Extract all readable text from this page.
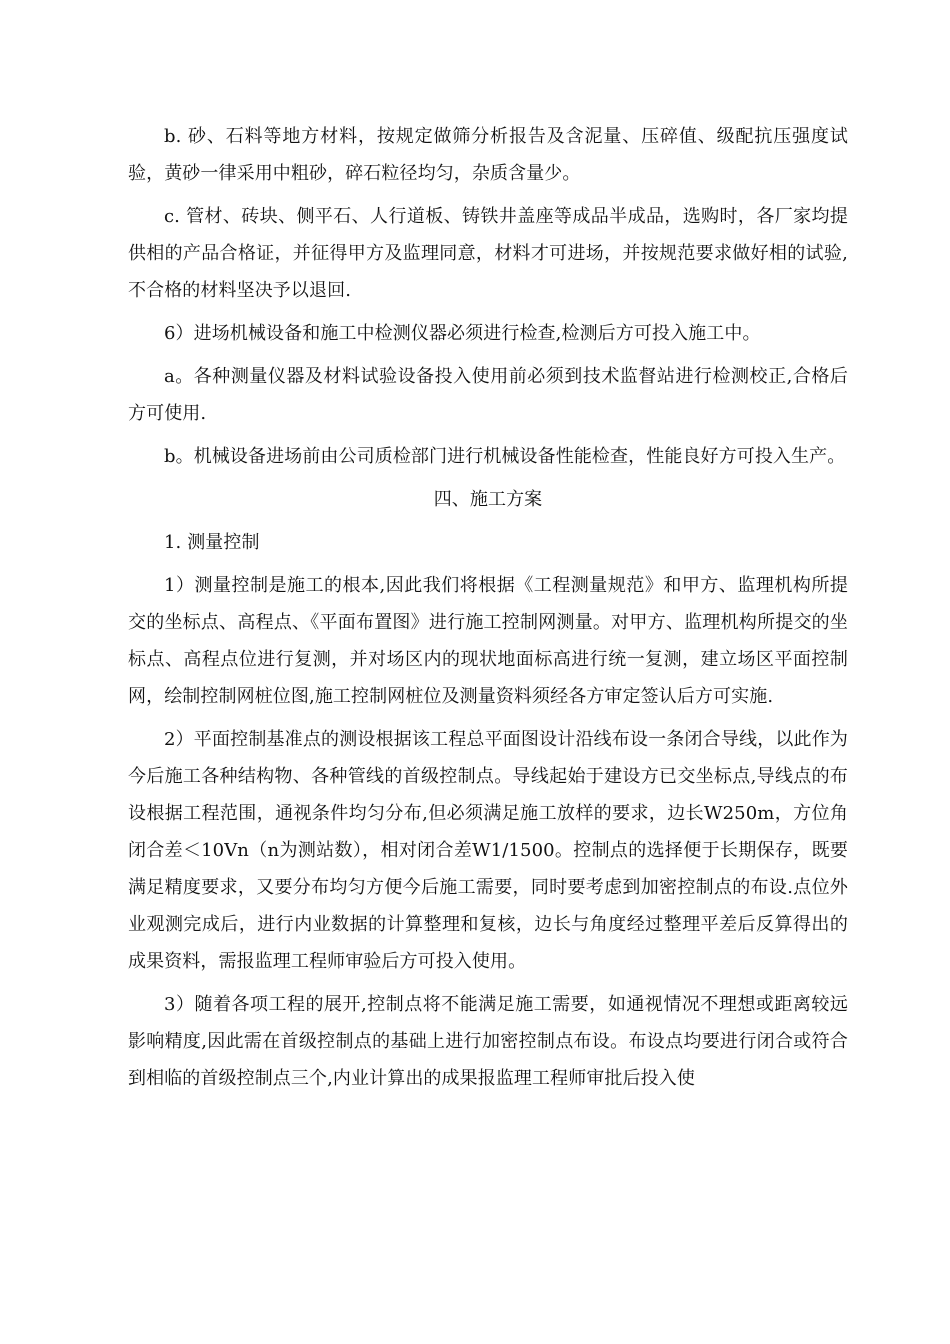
b. 砂、石料等地方材料，按规定做筛分析报告及含泥量、压碎值、级配抗压强度试验，黄砂一律采用中粗砂，碎石粒径均匀，杂质含量少。

c. 管材、砖块、侧平石、人行道板、铸铁井盖座等成品半成品，选购时，各厂家均提供相的产品合格证，并征得甲方及监理同意，材料才可进场，并按规范要求做好相的试验,不合格的材料坚决予以退回.

6）进场机械设备和施工中检测仪器必须进行检查,检测后方可投入施工中。

a。各种测量仪器及材料试验设备投入使用前必须到技术监督站进行检测校正,合格后方可使用.

b。机械设备进场前由公司质检部门进行机械设备性能检查，性能良好方可投入生产。

四、施工方案

1. 测量控制

1）测量控制是施工的根本,因此我们将根据《工程测量规范》和甲方、监理机构所提交的坐标点、高程点、《平面布置图》进行施工控制网测量。对甲方、监理机构所提交的坐标点、高程点位进行复测，并对场区内的现状地面标高进行统一复测，建立场区平面控制网，绘制控制网桩位图,施工控制网桩位及测量资料须经各方审定签认后方可实施.

2）平面控制基准点的测设根据该工程总平面图设计沿线布设一条闭合导线，以此作为今后施工各种结构物、各种管线的首级控制点。导线起始于建设方已交坐标点,导线点的布设根据工程范围，通视条件均匀分布,但必须满足施工放样的要求，边长W250m，方位角闭合差＜10Vn（n为测站数），相对闭合差W1/1500。控制点的选择便于长期保存，既要满足精度要求，又要分布均匀方便今后施工需要，同时要考虑到加密控制点的布设.点位外业观测完成后，进行内业数据的计算整理和复核，边长与角度经过整理平差后反算得出的成果资料，需报监理工程师审验后方可投入使用。

3）随着各项工程的展开,控制点将不能满足施工需要，如通视情况不理想或距离较远影响精度,因此需在首级控制点的基础上进行加密控制点布设。布设点均要进行闭合或符合到相临的首级控制点三个,内业计算出的成果报监理工程师审批后投入使
